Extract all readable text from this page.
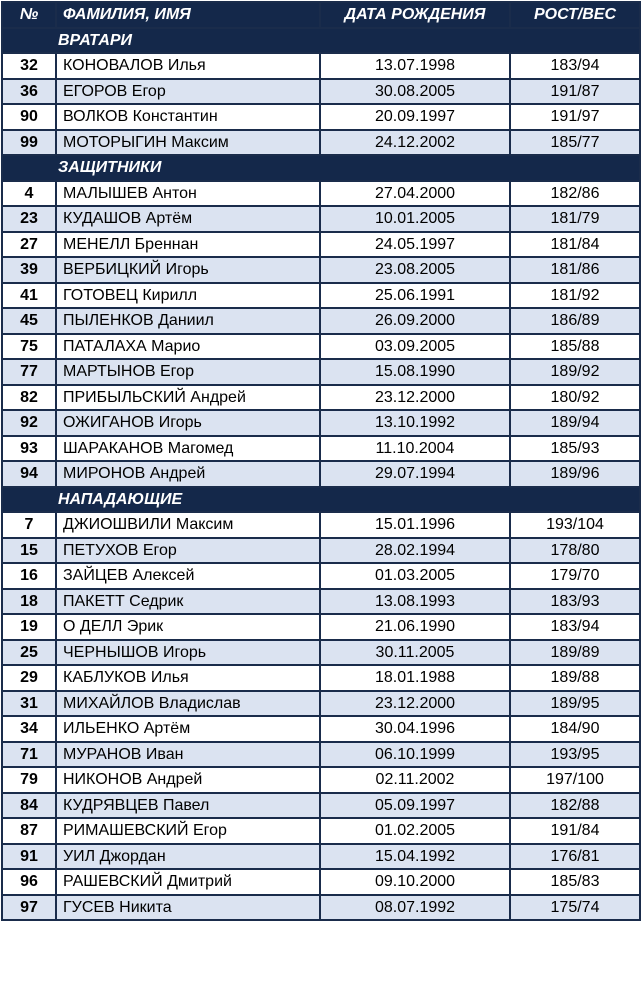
№	ФАМИЛИЯ, ИМЯ	ДАТА РОЖДЕНИЯ	РОСТ/ВЕС
ВРАТАРИ			
32	КОНОВАЛОВ Илья	13.07.1998	183/94
36	ЕГОРОВ Егор	30.08.2005	191/87
90	ВОЛКОВ Константин	20.09.1997	191/97
99	МОТОРЫГИН Максим	24.12.2002	185/77
ЗАЩИТНИКИ			
4	МАЛЫШЕВ Антон	27.04.2000	182/86
23	КУДАШОВ Артём	10.01.2005	181/79
27	МЕНЕЛЛ Бреннан	24.05.1997	181/84
39	ВЕРБИЦКИЙ Игорь	23.08.2005	181/86
41	ГОТОВЕЦ Кирилл	25.06.1991	181/92
45	ПЫЛЕНКОВ Даниил	26.09.2000	186/89
75	ПАТАЛАХА Марио	03.09.2005	185/88
77	МАРТЫНОВ Егор	15.08.1990	189/92
82	ПРИБЫЛЬСКИЙ Андрей	23.12.2000	180/92
92	ОЖИГАНОВ Игорь	13.10.1992	189/94
93	ШАРАКАНОВ Магомед	11.10.2004	185/93
94	МИРОНОВ Андрей	29.07.1994	189/96
НАПАДАЮЩИЕ			
7	ДЖИОШВИЛИ Максим	15.01.1996	193/104
15	ПЕТУХОВ Егор	28.02.1994	178/80
16	ЗАЙЦЕВ Алексей	01.03.2005	179/70
18	ПАКЕТТ Седрик	13.08.1993	183/93
19	О ДЕЛЛ Эрик	21.06.1990	183/94
25	ЧЕРНЫШОВ Игорь	30.11.2005	189/89
29	КАБЛУКОВ Илья	18.01.1988	189/88
31	МИХАЙЛОВ Владислав	23.12.2000	189/95
34	ИЛЬЕНКО Артём	30.04.1996	184/90
71	МУРАНОВ Иван	06.10.1999	193/95
79	НИКОНОВ Андрей	02.11.2002	197/100
84	КУДРЯВЦЕВ Павел	05.09.1997	182/88
87	РИМАШЕВСКИЙ Егор	01.02.2005	191/84
91	УИЛ Джордан	15.04.1992	176/81
96	РАШЕВСКИЙ Дмитрий	09.10.2000	185/83
97	ГУСЕВ Никита	08.07.1992	175/74
